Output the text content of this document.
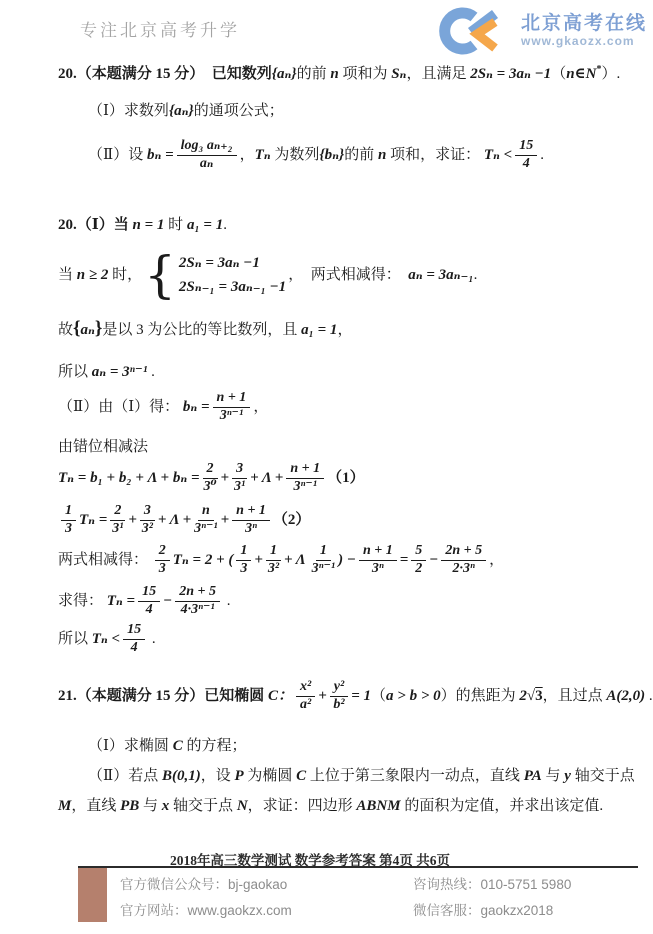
专注北京高考升学	北京高考在线
www.gkaozx.com
20.（本题满分 15 分）  已知数列{aₙ}的前 n 项和为 Sₙ，且满足 2Sₙ = 3aₙ −1（n∈N*）.
（Ⅰ）求数列{aₙ}的通项公式；
（Ⅱ）设 $b_n = \frac{\text{log₃ aₙ₊₂}}{\text{aₙ}}$ ， Tₙ 为数列 {bₙ} 的前 n 项和，求证： $T_n < \frac{15}{4}$ .
20.（Ⅰ）当 n = 1 时 a₁ = 1.
当 n ≥ 2 时， { 2Sₙ = 3aₙ −1
2Sₙ₋₁ = 3aₙ₋₁ −1
，  两式相减得： aₙ = 3aₙ₋₁ .
故{aₙ}是以 3 为公比的等比数列，且 a₁ = 1，
所以 aₙ = 3ⁿ⁻¹ .
（Ⅱ）由（Ⅰ）得： $b_n = \frac{n + 1}{\text{3ⁿ⁻¹}}$ ，
由错位相减法
$T_n = b_1 + b_2 + \Lambda + b_n = \frac{2}{\text{3⁰}} + \frac{3}{\text{3¹}} + \Lambda + \frac{n + 1}{\text{3ⁿ⁻¹}} (1)$
$\frac{1}{3}$ $T_n = \frac{2}{\text{3¹}} + \frac{3}{\text{3²}} + \Lambda + \frac{n}{\text{3ⁿ⁻¹}} + \frac{n + 1}{\text{3ⁿ}} (2)$
两式相减得： $\frac{2}{3}$ Tₙ = 2 + ( $\frac{1}{3} + \frac{1}{\text{3²}} + \Lambda \frac{1}{\text{3ⁿ⁻¹}}$ ) − $\frac{n + 1}{\text{3ⁿ}} = \frac{5}{2} - \frac{2n + 5}{\text{2·3ⁿ}}$ ，
求得： $T_n = \frac{15}{4} - \frac{2n + 5}{\text{4·3ⁿ⁻¹}}$ .
所以 $T_n < \frac{15}{4}$ .
21.（本题满分 15 分）已知椭圆 C： $\frac{\text{x²}}{\text{a²}} + \frac{\text{y²}}{\text{b²}} = 1$ （ a > b > 0 ）的焦距为 2 √ 3 ，且过点 A(2,0) .
（Ⅰ）求椭圆 C 的方程；
（Ⅱ）若点 B(0,1)，设 P 为椭圆 C 上位于第三象限内一动点，直线 PA 与 y 轴交于点
M，直线 PB 与 x 轴交于点 N，求证：四边形 ABNM 的面积为定值，并求出该定值.
2018年高三数学测试 数学参考答案 第4页 共6页
官方微信公众号：bj-gaokao
官方网站：www.gaokzx.com
咨询热线：010-5751 5980
微信客服：gaokzx2018
